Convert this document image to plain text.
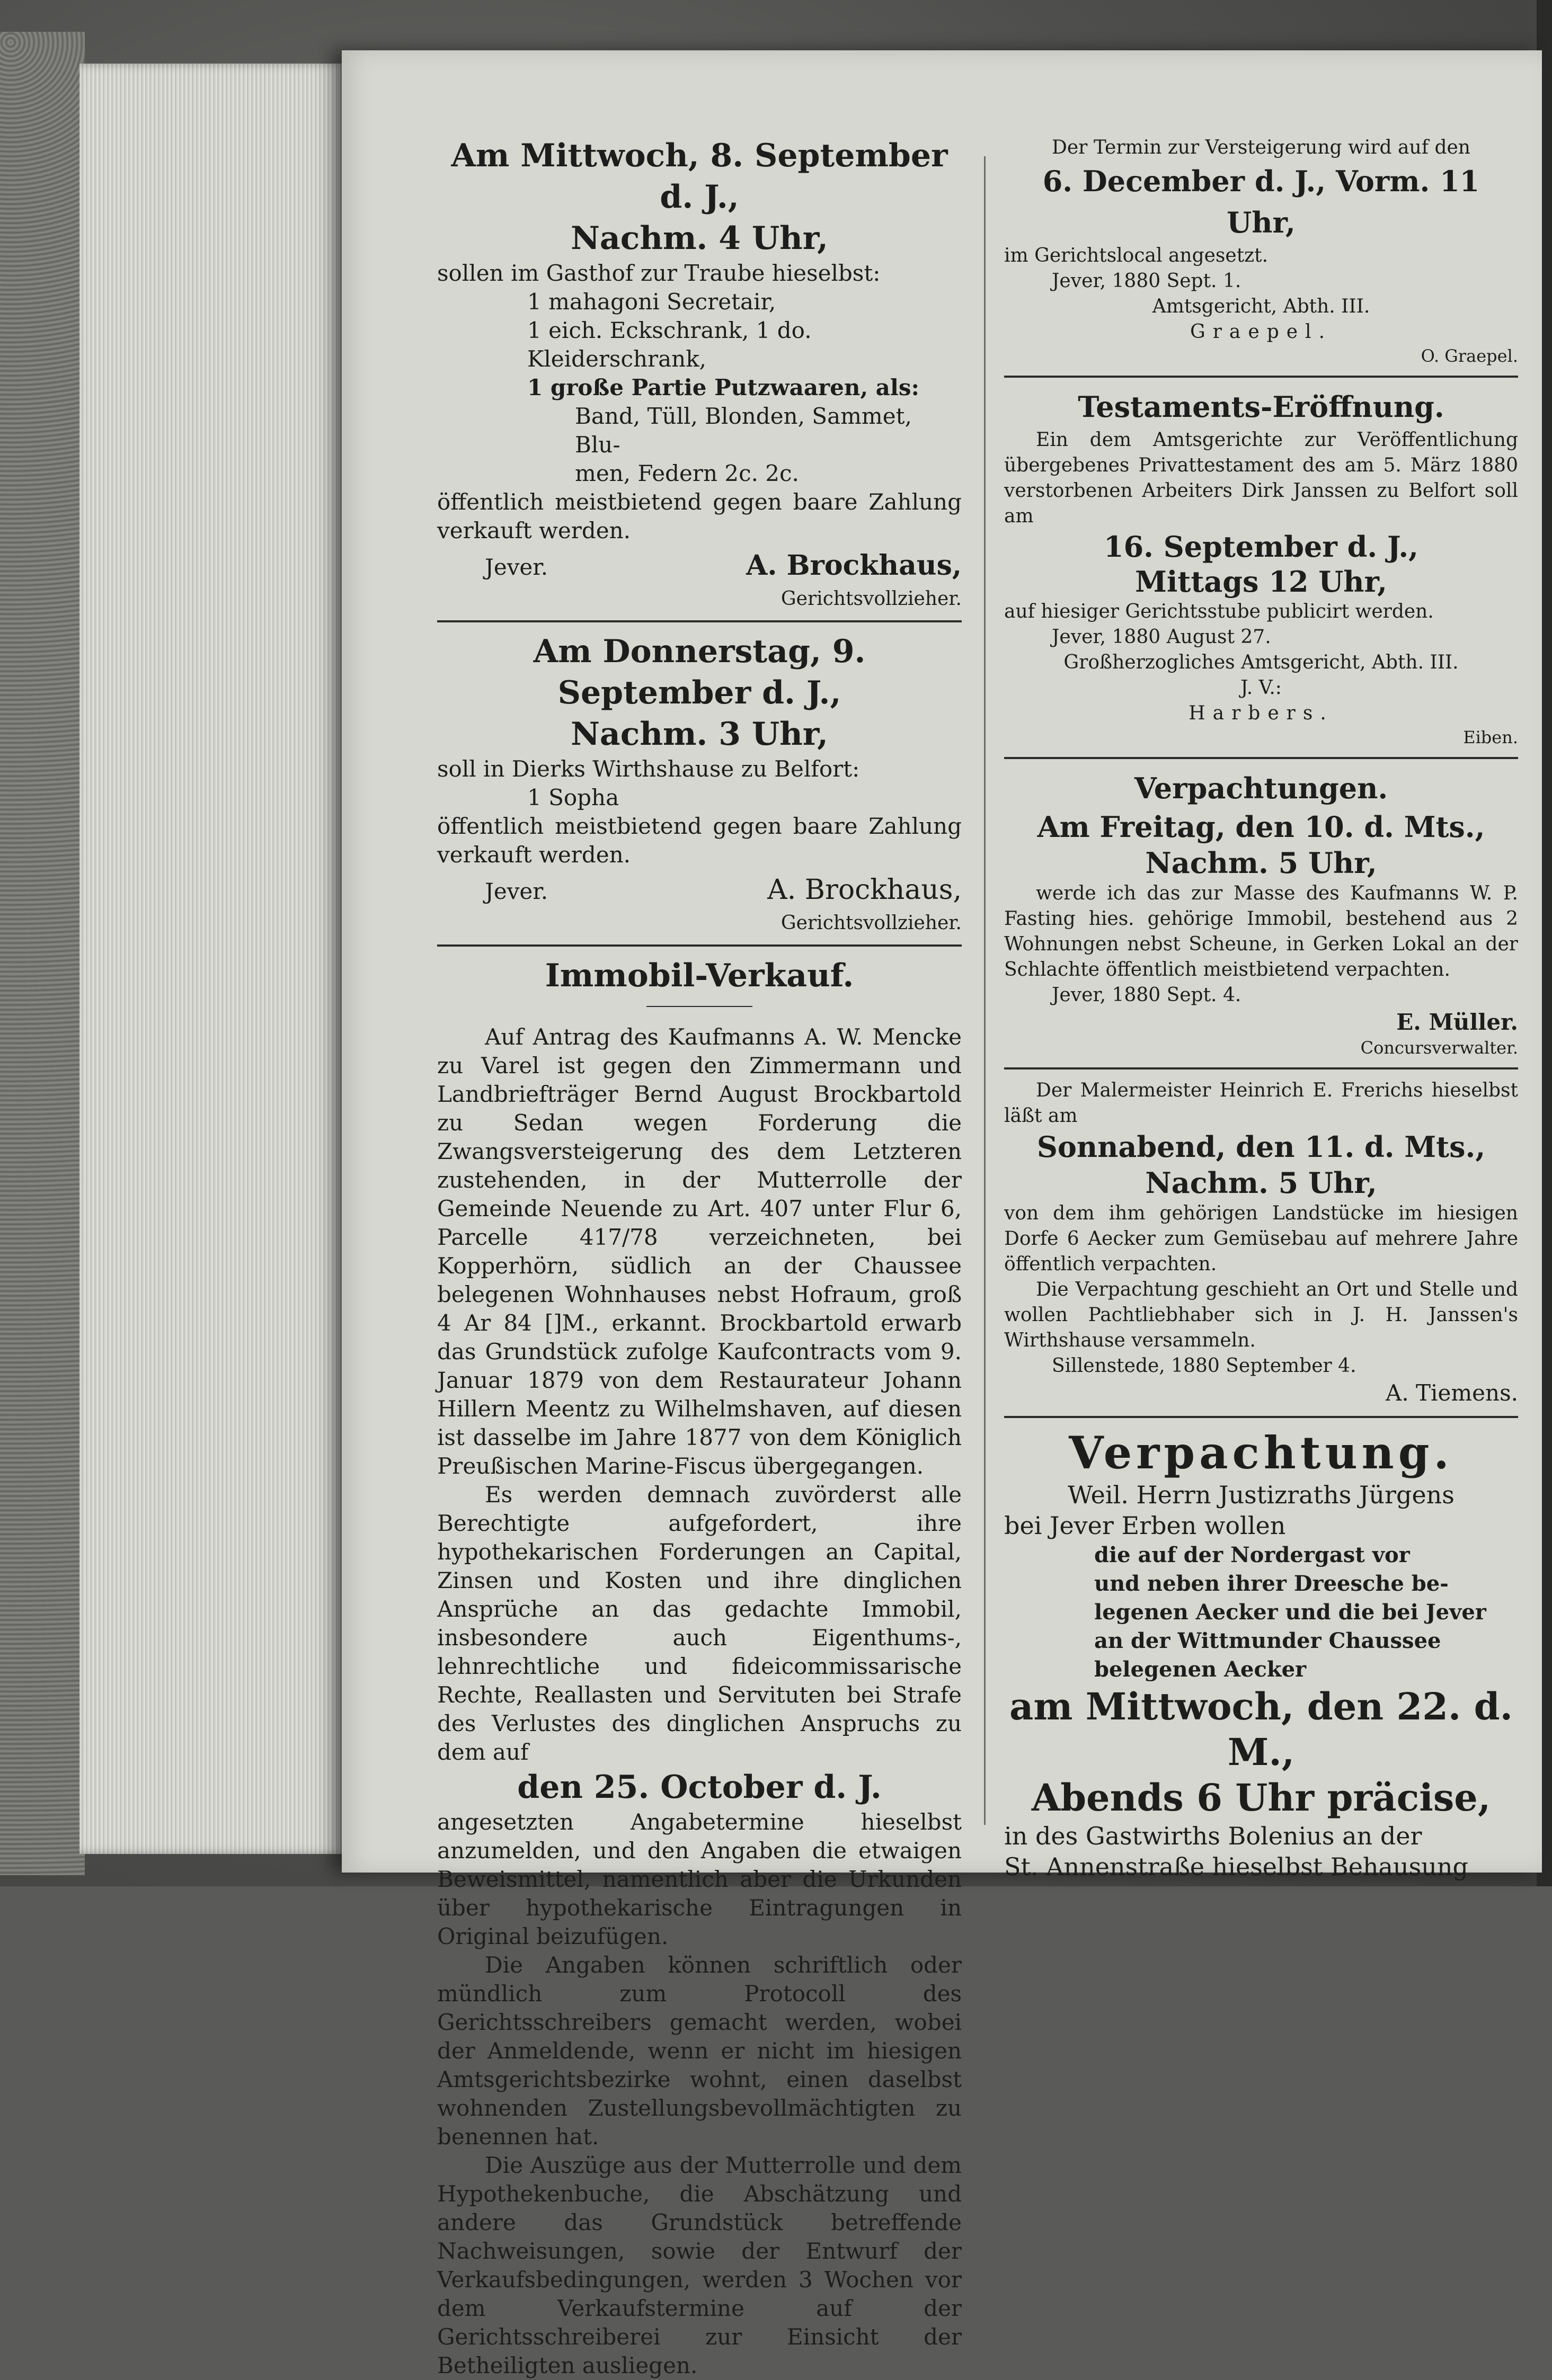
Am Mittwoch, 8. September d. J.,
Nachm. 4 Uhr,
sollen im Gasthof zur Traube hieselbst:
1 mahagoni Secretair,
1 eich. Eckschrank, 1 do. Kleiderschrank,
1 große Partie Putzwaaren, als:
Band, Tüll, Blonden, Sammet, Blu-
men, Federn 2c. 2c.
öffentlich meistbietend gegen baare Zahlung verkauft werden.
Jever.	A. Brockhaus,
Gerichtsvollzieher.
Am Donnerstag, 9. September d. J.,
Nachm. 3 Uhr,
soll in Dierks Wirthshause zu Belfort:
1 Sopha
öffentlich meistbietend gegen baare Zahlung verkauft werden.
Jever.	A. Brockhaus,
Gerichtsvollzieher.
Immobil-Verkauf.

Auf Antrag des Kaufmanns A. W. Mencke zu Varel ist gegen den Zimmermann und Landbriefträger Bernd August Brockbartold zu Sedan wegen Forderung die Zwangsversteigerung des dem Letzteren zustehenden, in der Mutterrolle der Gemeinde Neuende zu Art. 407 unter Flur 6, Parcelle 417/78 verzeichneten, bei Kopperhörn, südlich an der Chaussee belegenen Wohnhauses nebst Hofraum, groß 4 Ar 84 []M., erkannt. Brockbartold erwarb das Grundstück zufolge Kaufcontracts vom 9. Januar 1879 von dem Restaurateur Johann Hillern Meentz zu Wilhelmshaven, auf diesen ist dasselbe im Jahre 1877 von dem Königlich Preußischen Marine-Fiscus übergegangen.

Es werden demnach zuvörderst alle Berechtigte aufgefordert, ihre hypothekarischen Forderungen an Capital, Zinsen und Kosten und ihre dinglichen Ansprüche an das gedachte Immobil, insbesondere auch Eigenthums-, lehnrechtliche und fideicommissarische Rechte, Reallasten und Servituten bei Strafe des Verlustes des dinglichen Anspruchs zu dem auf

den 25. October d. J.

angesetzten Angabetermine hieselbst anzumelden, und den Angaben die etwaigen Beweismittel, namentlich aber die Urkunden über hypothekarische Eintragungen in Original beizufügen.

Die Angaben können schriftlich oder mündlich zum Protocoll des Gerichtsschreibers gemacht werden, wobei der Anmeldende, wenn er nicht im hiesigen Amtsgerichtsbezirke wohnt, einen daselbst wohnenden Zustellungsbevollmächtigten zu benennen hat.

Die Auszüge aus der Mutterrolle und dem Hypothekenbuche, die Abschätzung und andere das Grundstück betreffende Nachweisungen, sowie der Entwurf der Verkaufsbedingungen, werden 3 Wochen vor dem Verkaufstermine auf der Gerichtsschreiberei zur Einsicht der Betheiligten ausliegen.

Der Termin zur Versteigerung wird auf den
6. December d. J., Vorm. 11 Uhr,
im Gerichtslocal angesetzt.
Jever, 1880 Sept. 1.
Amtsgericht, Abth. III.
Graepel.
O. Graepel.
Testaments-Eröffnung.
Ein dem Amtsgerichte zur Veröffentlichung übergebenes Privattestament des am 5. März 1880 verstorbenen Arbeiters Dirk Janssen zu Belfort soll am
16. September d. J.,
Mittags 12 Uhr,
auf hiesiger Gerichtsstube publicirt werden.
Jever, 1880 August 27.
Großherzogliches Amtsgericht, Abth. III.
J. V.:
Harbers.
Eiben.
Verpachtungen.
Am Freitag, den 10. d. Mts.,
Nachm. 5 Uhr,
werde ich das zur Masse des Kaufmanns W. P. Fasting hies. gehörige Immobil, bestehend aus 2 Wohnungen nebst Scheune, in Gerken Lokal an der Schlachte öffentlich meistbietend verpachten.
Jever, 1880 Sept. 4.
E. Müller.
Concursverwalter.
Der Malermeister Heinrich E. Frerichs hieselbst läßt am
Sonnabend, den 11. d. Mts.,
Nachm. 5 Uhr,
von dem ihm gehörigen Landstücke im hiesigen Dorfe 6 Aecker zum Gemüsebau auf mehrere Jahre öffentlich verpachten.
Die Verpachtung geschieht an Ort und Stelle und wollen Pachtliebhaber sich in J. H. Janssen's Wirthshause versammeln.
Sillenstede, 1880 September 4.
A. Tiemens.
Verpachtung.
Weil. Herrn Justizraths Jürgens
bei Jever Erben wollen
die auf der Nordergast vor
und neben ihrer Dreesche be-
legenen Aecker und die bei Jever
an der Wittmunder Chaussee
belegenen Aecker
am Mittwoch, den 22. d. M.,
Abends 6 Uhr präcise,
in des Gastwirths Bolenius an der
St. Annenstraße hieselbst Behausung
